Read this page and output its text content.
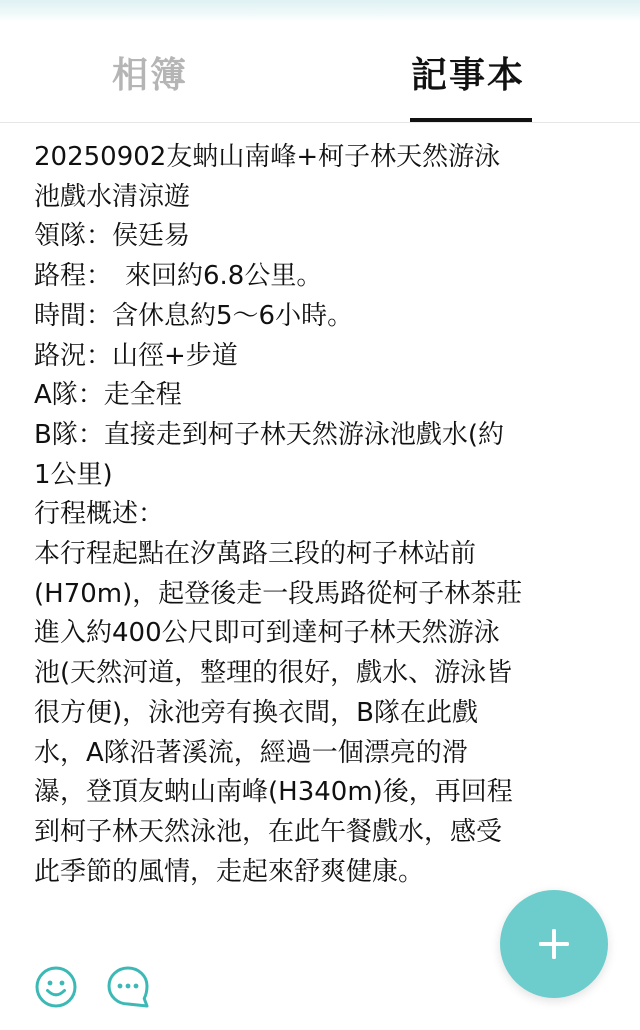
相簿	記事本
20250902友蚋山南峰+柯子林天然游泳
池戲水清涼遊
領隊：侯廷易
路程：　來回約6.8公里。
時間：含休息約5～6小時。
路況：山徑+步道
A隊：走全程
B隊：直接走到柯子林天然游泳池戲水(約
1公里)
行程概述：
本行程起點在汐萬路三段的柯子林站前
(H70m)，起登後走一段馬路從柯子林茶莊
進入約400公尺即可到達柯子林天然游泳
池(天然河道，整理的很好，戲水、游泳皆
很方便)，泳池旁有換衣間，B隊在此戲
水，A隊沿著溪流，經過一個漂亮的滑
瀑，登頂友蚋山南峰(H340m)後，再回程
到柯子林天然泳池，在此午餐戲水，感受
此季節的風情，走起來舒爽健康。
